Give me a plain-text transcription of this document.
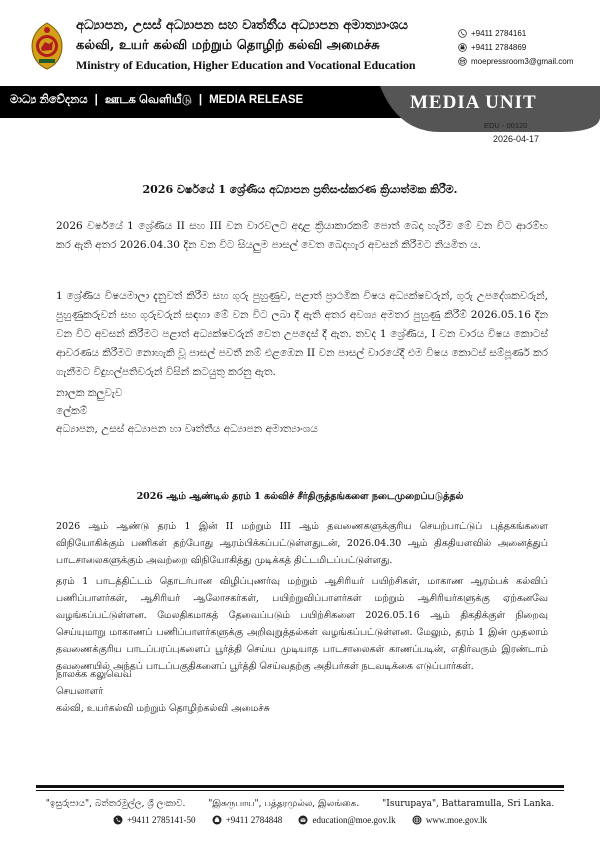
අධ්‍යාපන, උසස් අධ්‍යාපන සහ වෘත්තීය අධ්‍යාපන අමාත්‍යාංශය
கல்வி, உயர் கல்வி மற்றும் தொழிற் கல்வி அமைச்சு
Ministry of Education, Higher Education and Vocational Education
+9411 2784161
+9411 2784869
moepressroom3@gmail.com
මාධ්‍ය නිවේදනය | ஊடக வெளியீடு | MEDIA RELEASE	MEDIA UNIT
EDU - 00120
2026-04-17
2026 වර්ෂයේ 1 ශ්‍රේණිය අධ්‍යාපන ප්‍රතිසංස්කරණ ක්‍රියාත්මක කිරීම.
2026 වර්ෂයේ 1 ශ්‍රේණිය II සහ III වන වාරවලට අදාළ ක්‍රියාකාරකම් පොත් බෙදා හැරීම මේ වන විට ආරම්භ කර ඇති අතර 2026.04.30 දින වන විට සියලුම පාසල් වෙත බෙදාහැර අවසන් කිරීමට නියමිත ය.
1 ශ්‍රේණිය විෂයමාලා දැනුවත් කිරීම සහ ගුරු පුහුණුව, පළාත් ප්‍රාථමික විෂය අධ්‍යක්ෂවරුන්, ගුරු උපදේශකවරුන්, පුහුණුකරුවන් සහ ගුරුවරුන් සඳහා මේ වන විට ලබා දී ඇති අතර අවශ්‍ය අමතර පුහුණු කිරීම් 2026.05.16 දින වන විට අවසන් කිරීමට පළාත් අධ්‍යක්ෂවරුන් වෙත උපදෙස් දී ඇත. තවද 1 ශ්‍රේණිය, I වන වාරය විෂය කොටස් ආවරණය කිරීමට නොහැකි වූ පාසල් පවතී නම් එළඹෙන II වන පාසල් වාරයේදී එම විෂය කොටස් සම්පූර්ණ කර ගැනීමට විදුහල්පතිවරුන් විසින් කටයුතු කරනු ඇත.
නාලක කලුවැව
ලේකම්
අධ්‍යාපන, උසස් අධ්‍යාපන හා වෘත්තීය අධ්‍යාපන අමාත්‍යාංශය
2026 ஆம் ஆண்டில் தரம் 1 கல்விச் சீர்திருத்தங்களை நடைமுறைப்படுத்தல்
2026 ஆம் ஆண்டு தரம் 1 இன் II மற்றும் III ஆம் தவணைகளுக்குரிய செயற்பாட்டுப் புத்தகங்களை விநியோகிக்கும் பணிகள் தற்போது ஆரம்பிக்கப்பட்டுள்ளதுடன், 2026.04.30 ஆம் திகதியளவில் அனைத்துப் பாடசாலைகளுக்கும் அவற்றை விநியோகித்து முடிக்கத் திட்டமிடப்பட்டுள்ளது.
தரம் 1 பாடத்திட்டம் தொடர்பான விழிப்புணர்வு மற்றும் ஆசிரியர் பயிற்சிகள், மாகாண ஆரம்பக் கல்விப் பணிப்பாளர்கள், ஆசிரியர் ஆலோசகர்கள், பயிற்றுவிப்பாளர்கள் மற்றும் ஆசிரியர்களுக்கு ஏற்கனவே வழங்கப்பட்டுள்ளன. மேலதிகமாகத் தேவைப்படும் பயிற்சிகளை 2026.05.16 ஆம் திகதிக்குள் நிறைவு செய்யுமாறு மாகாணப் பணிப்பாளர்களுக்கு அறிவுறுத்தல்கள் வழங்கப்பட்டுள்ளன. மேலும், தரம் 1 இன் முதலாம் தவணைக்குரிய பாடப்பரப்புகளைப் பூர்த்தி செய்ய முடியாத பாடசாலைகள் காணப்படின், எதிர்வரும் இரண்டாம் தவணையில் அந்தப் பாடப்பகுதிகளைப் பூர்த்தி செய்வதற்கு அதிபர்கள் நடவடிக்கை எடுப்பார்கள்.
நாலக்க கலுவெவ
செயலாளர்
கல்வி, உயர்கல்வி மற்றும் தொழிற்கல்வி அமைச்சு
"ඉසුරුපාය", බත්තරමුල්ල, ශ්‍රී ලංකාව.	"இசுருபாய", பத்தரமுல்ல, இலங்கை.	"Isurupaya", Battaramulla, Sri Lanka.
+9411 2785141-50
	+9411 2784848
	education@moe.gov.lk
	www.moe.gov.lk
